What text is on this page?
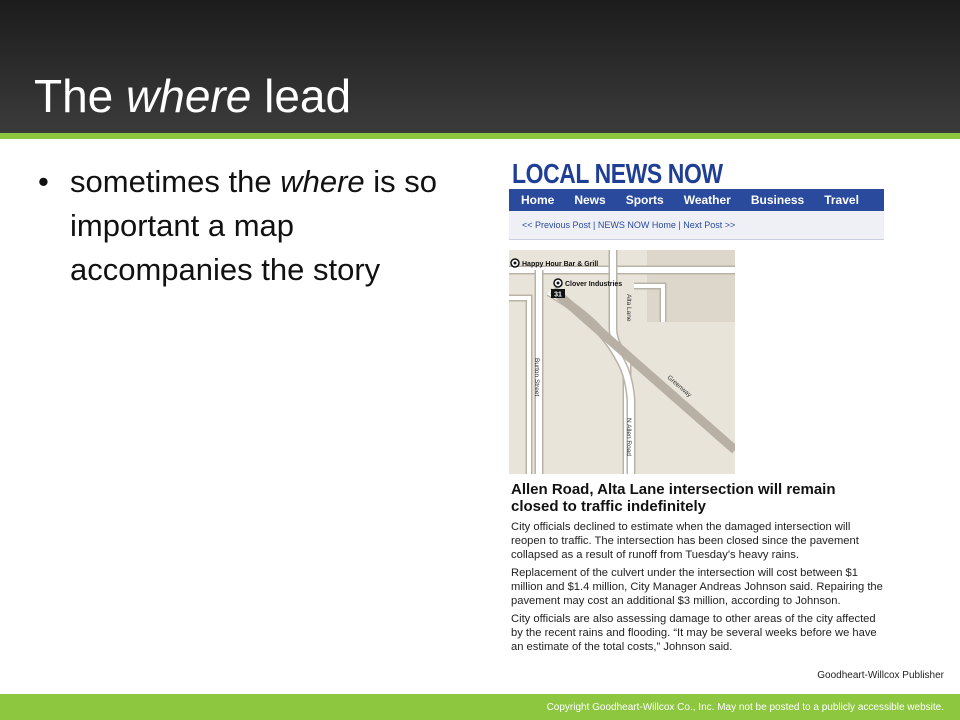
The where lead
• sometimes the where is so important a map accompanies the story
LOCAL NEWS NOW
Home News Sports Weather Business Travel
<< Previous Post | NEWS NOW Home | Next Post >>
31
Happy Hour Bar & Grill
Clover Industries
Alta Lane
Burton Street
N Allen Road
Greenway
Allen Road, Alta Lane intersection will remain closed to traffic indefinitely

City officials declined to estimate when the damaged intersection will reopen to traffic. The intersection has been closed since the pavement collapsed as a result of runoff from Tuesday's heavy rains.

Replacement of the culvert under the intersection will cost between $1 million and $1.4 million, City Manager Andreas Johnson said. Repairing the pavement may cost an additional $3 million, according to Johnson.

City officials are also assessing damage to other areas of the city affected by the recent rains and flooding. “It may be several weeks before we have an estimate of the total costs,” Johnson said.

Goodheart-Willcox Publisher
Copyright Goodheart-Willcox Co., Inc. May not be posted to a publicly accessible website.
